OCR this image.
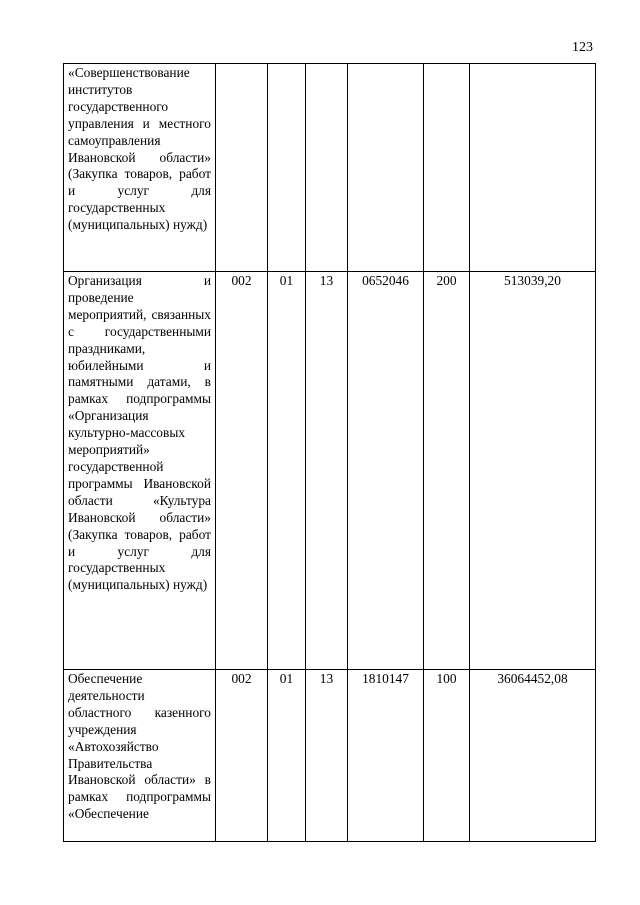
123
«Совершенствование институтов государственного управления и местного самоуправления Ивановской области» (Закупка товаров, работ и услуг для государственных (муниципальных) нужд)						
Организация и проведение мероприятий, связанных с государственными праздниками, юбилейными и памятными датами, в рамках подпрограммы «Организация культурно-массовых мероприятий» государственной программы Ивановской области «Культура Ивановской области» (Закупка товаров, работ и услуг для государственных (муниципальных) нужд)	002	01	13	0652046	200	513039,20
Обеспечение деятельности областного казенного учреждения «Автохозяйство Правительства Ивановской области» в рамках подпрограммы «Обеспечение	002	01	13	1810147	100	36064452,08
